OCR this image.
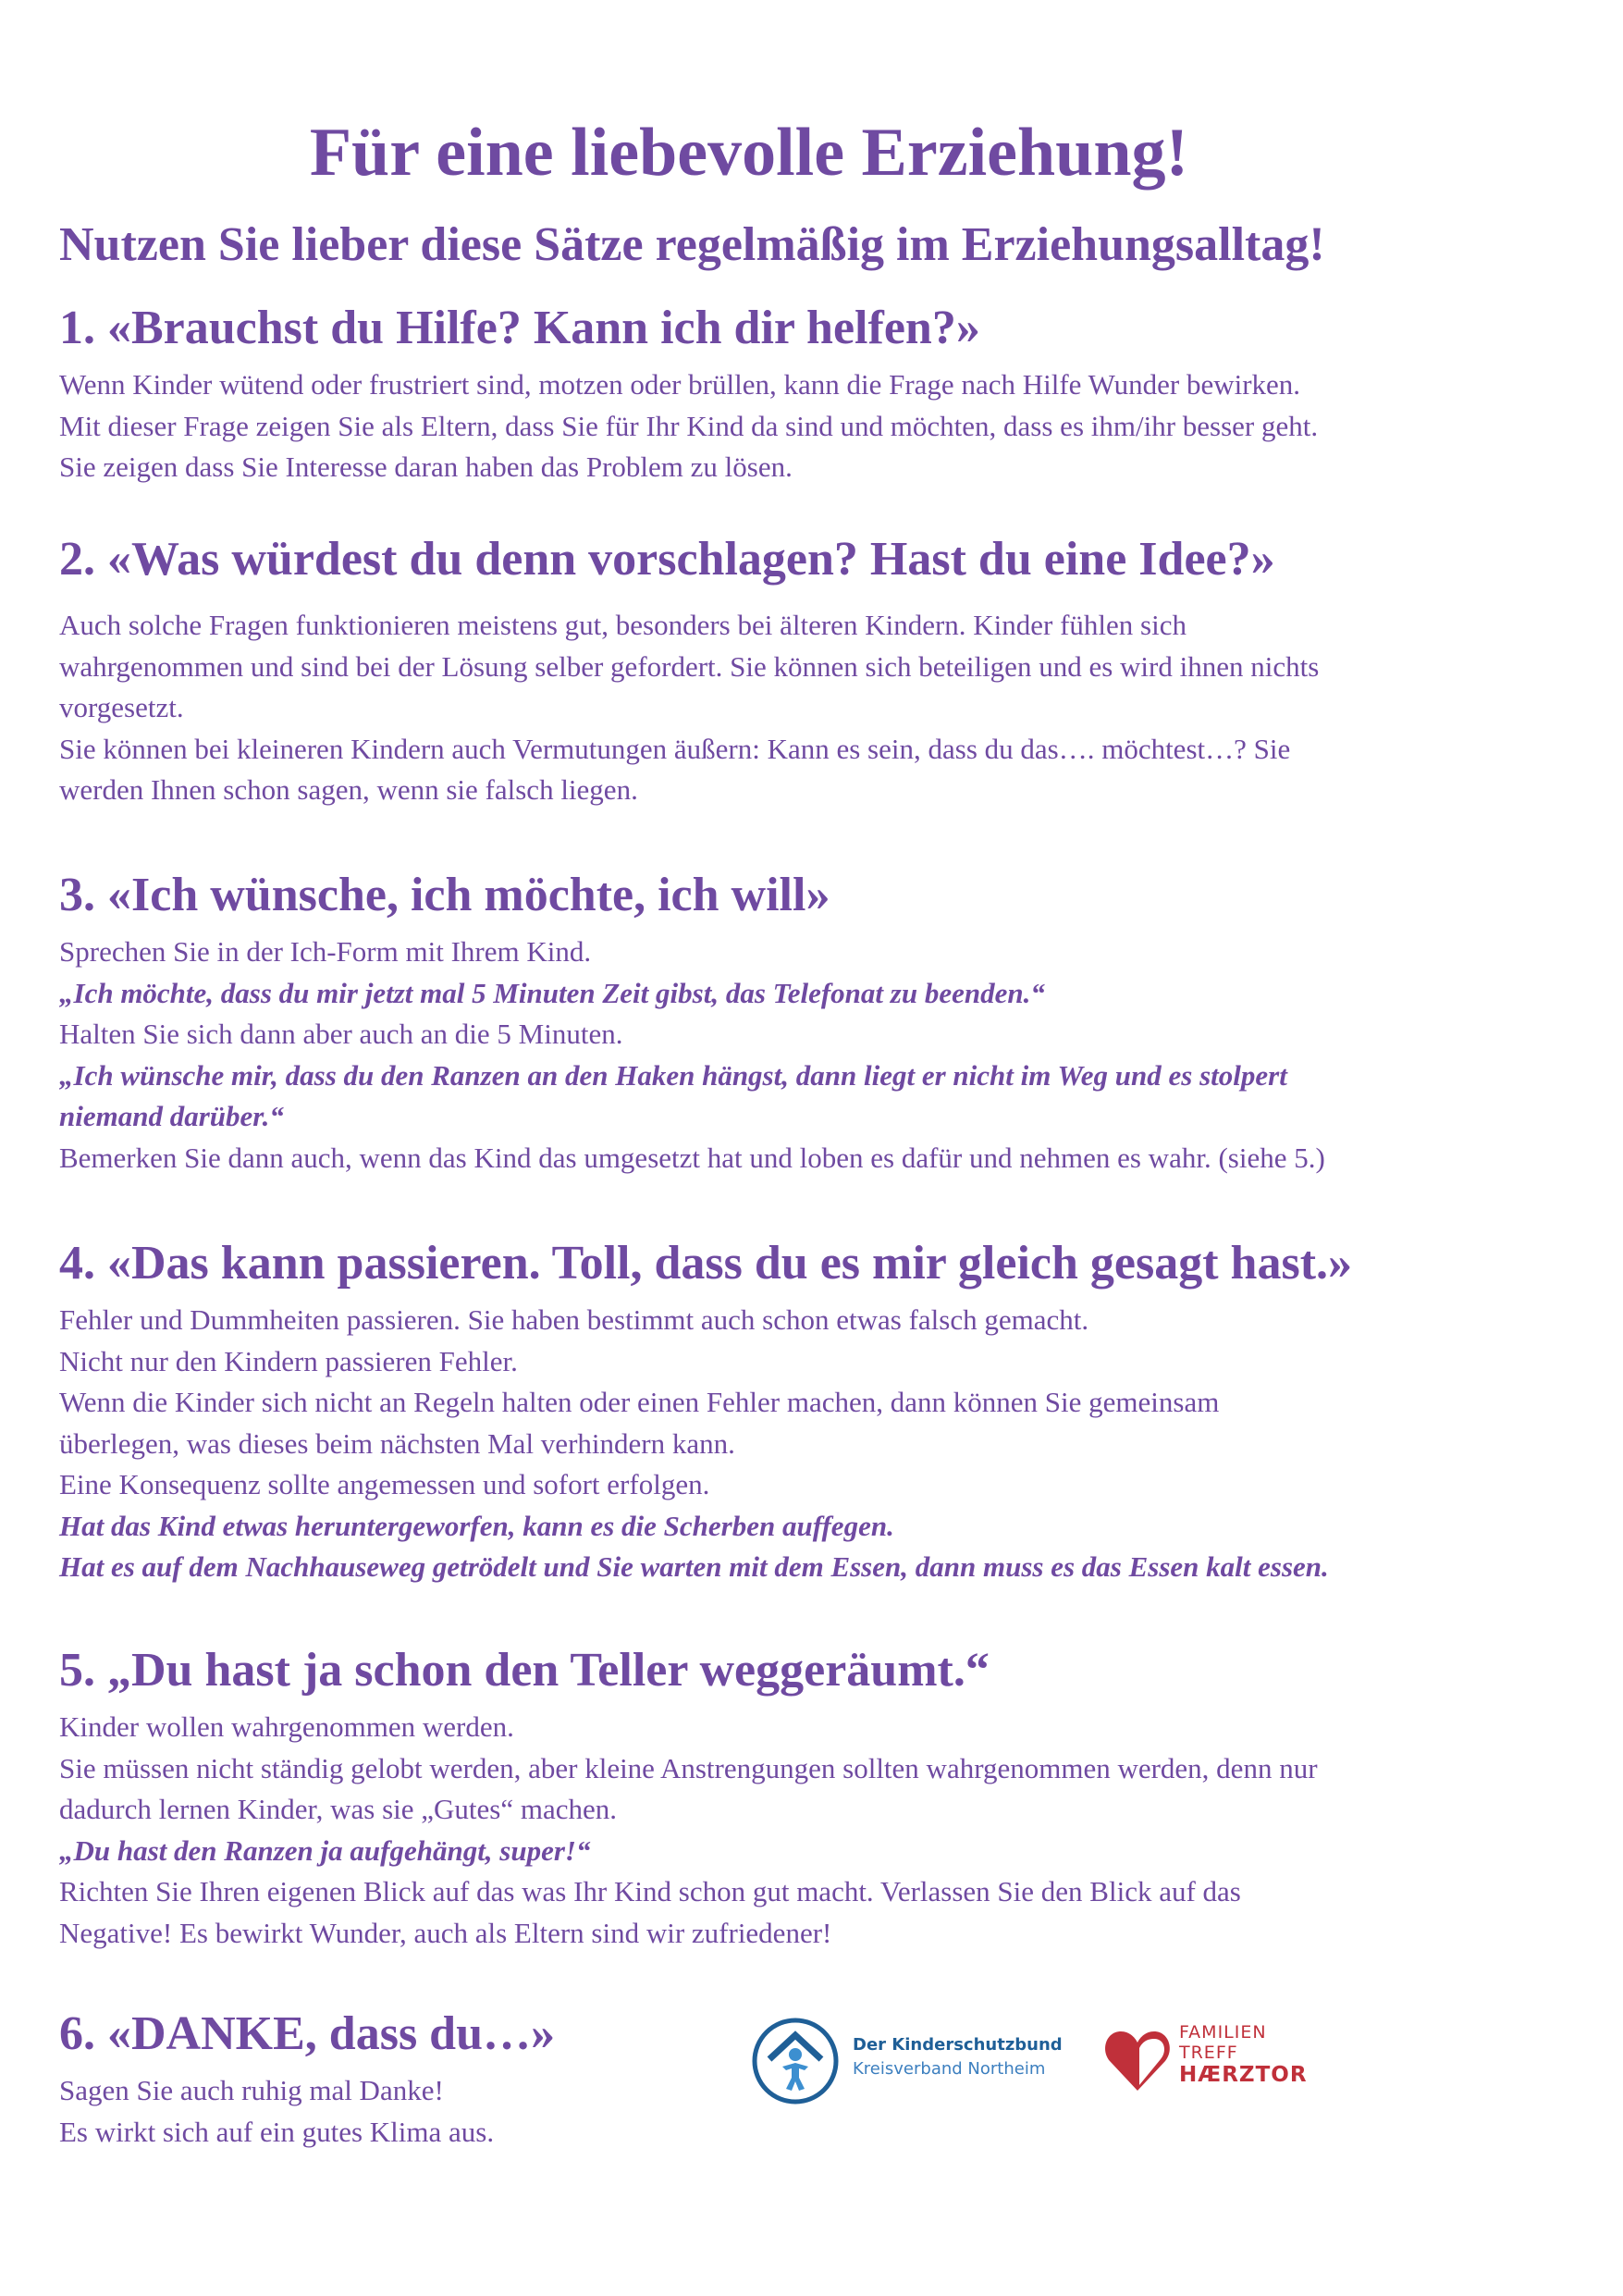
Für eine liebevolle Erziehung!
Nutzen Sie lieber diese Sätze regelmäßig im Erziehungsalltag!
1. «Brauchst du Hilfe? Kann ich dir helfen?»
Wenn Kinder wütend oder frustriert sind, motzen oder brüllen, kann die Frage nach Hilfe Wunder bewirken.
Mit dieser Frage zeigen Sie als Eltern, dass Sie für Ihr Kind da sind und möchten, dass es ihm/ihr besser geht.
Sie zeigen dass Sie Interesse daran haben das Problem zu lösen.
2. «Was würdest du denn vorschlagen? Hast du eine Idee?»
Auch solche Fragen funktionieren meistens gut, besonders bei älteren Kindern. Kinder fühlen sich
wahrgenommen und sind bei der Lösung selber gefordert. Sie können sich beteiligen und es wird ihnen nichts
vorgesetzt.
Sie können bei kleineren Kindern auch Vermutungen äußern: Kann es sein, dass du das…. möchtest…? Sie
werden Ihnen schon sagen, wenn sie falsch liegen.
3. «Ich wünsche, ich möchte, ich will»
Sprechen Sie in der Ich-Form mit Ihrem Kind.
„Ich möchte, dass du mir jetzt mal 5 Minuten Zeit gibst, das Telefonat zu beenden.“
Halten Sie sich dann aber auch an die 5 Minuten.
„Ich wünsche mir, dass du den Ranzen an den Haken hängst, dann liegt er nicht im Weg und es stolpert
niemand darüber.“
Bemerken Sie dann auch, wenn das Kind das umgesetzt hat und loben es dafür und nehmen es wahr. (siehe 5.)
4. «Das kann passieren. Toll, dass du es mir gleich gesagt hast.»
Fehler und Dummheiten passieren. Sie haben bestimmt auch schon etwas falsch gemacht.
Nicht nur den Kindern passieren Fehler.
Wenn die Kinder sich nicht an Regeln halten oder einen Fehler machen, dann können Sie gemeinsam
überlegen, was dieses beim nächsten Mal verhindern kann.
Eine Konsequenz sollte angemessen und sofort erfolgen.
Hat das Kind etwas heruntergeworfen, kann es die Scherben auffegen.
Hat es auf dem Nachhauseweg getrödelt und Sie warten mit dem Essen, dann muss es das Essen kalt essen.
5. „Du hast ja schon den Teller weggeräumt.“
Kinder wollen wahrgenommen werden.
Sie müssen nicht ständig gelobt werden, aber kleine Anstrengungen sollten wahrgenommen werden, denn nur
dadurch lernen Kinder, was sie „Gutes“ machen.
„Du hast den Ranzen ja aufgehängt, super!“
Richten Sie Ihren eigenen Blick auf das was Ihr Kind schon gut macht. Verlassen Sie den Blick auf das
Negative! Es bewirkt Wunder, auch als Eltern sind wir zufriedener!
6. «DANKE, dass du…»
Sagen Sie auch ruhig mal Danke!
Es wirkt sich auf ein gutes Klima aus.
Der Kinderschutzbund
Kreisverband Northeim
FAMILIEN
TREFF
HÆRZTOR
